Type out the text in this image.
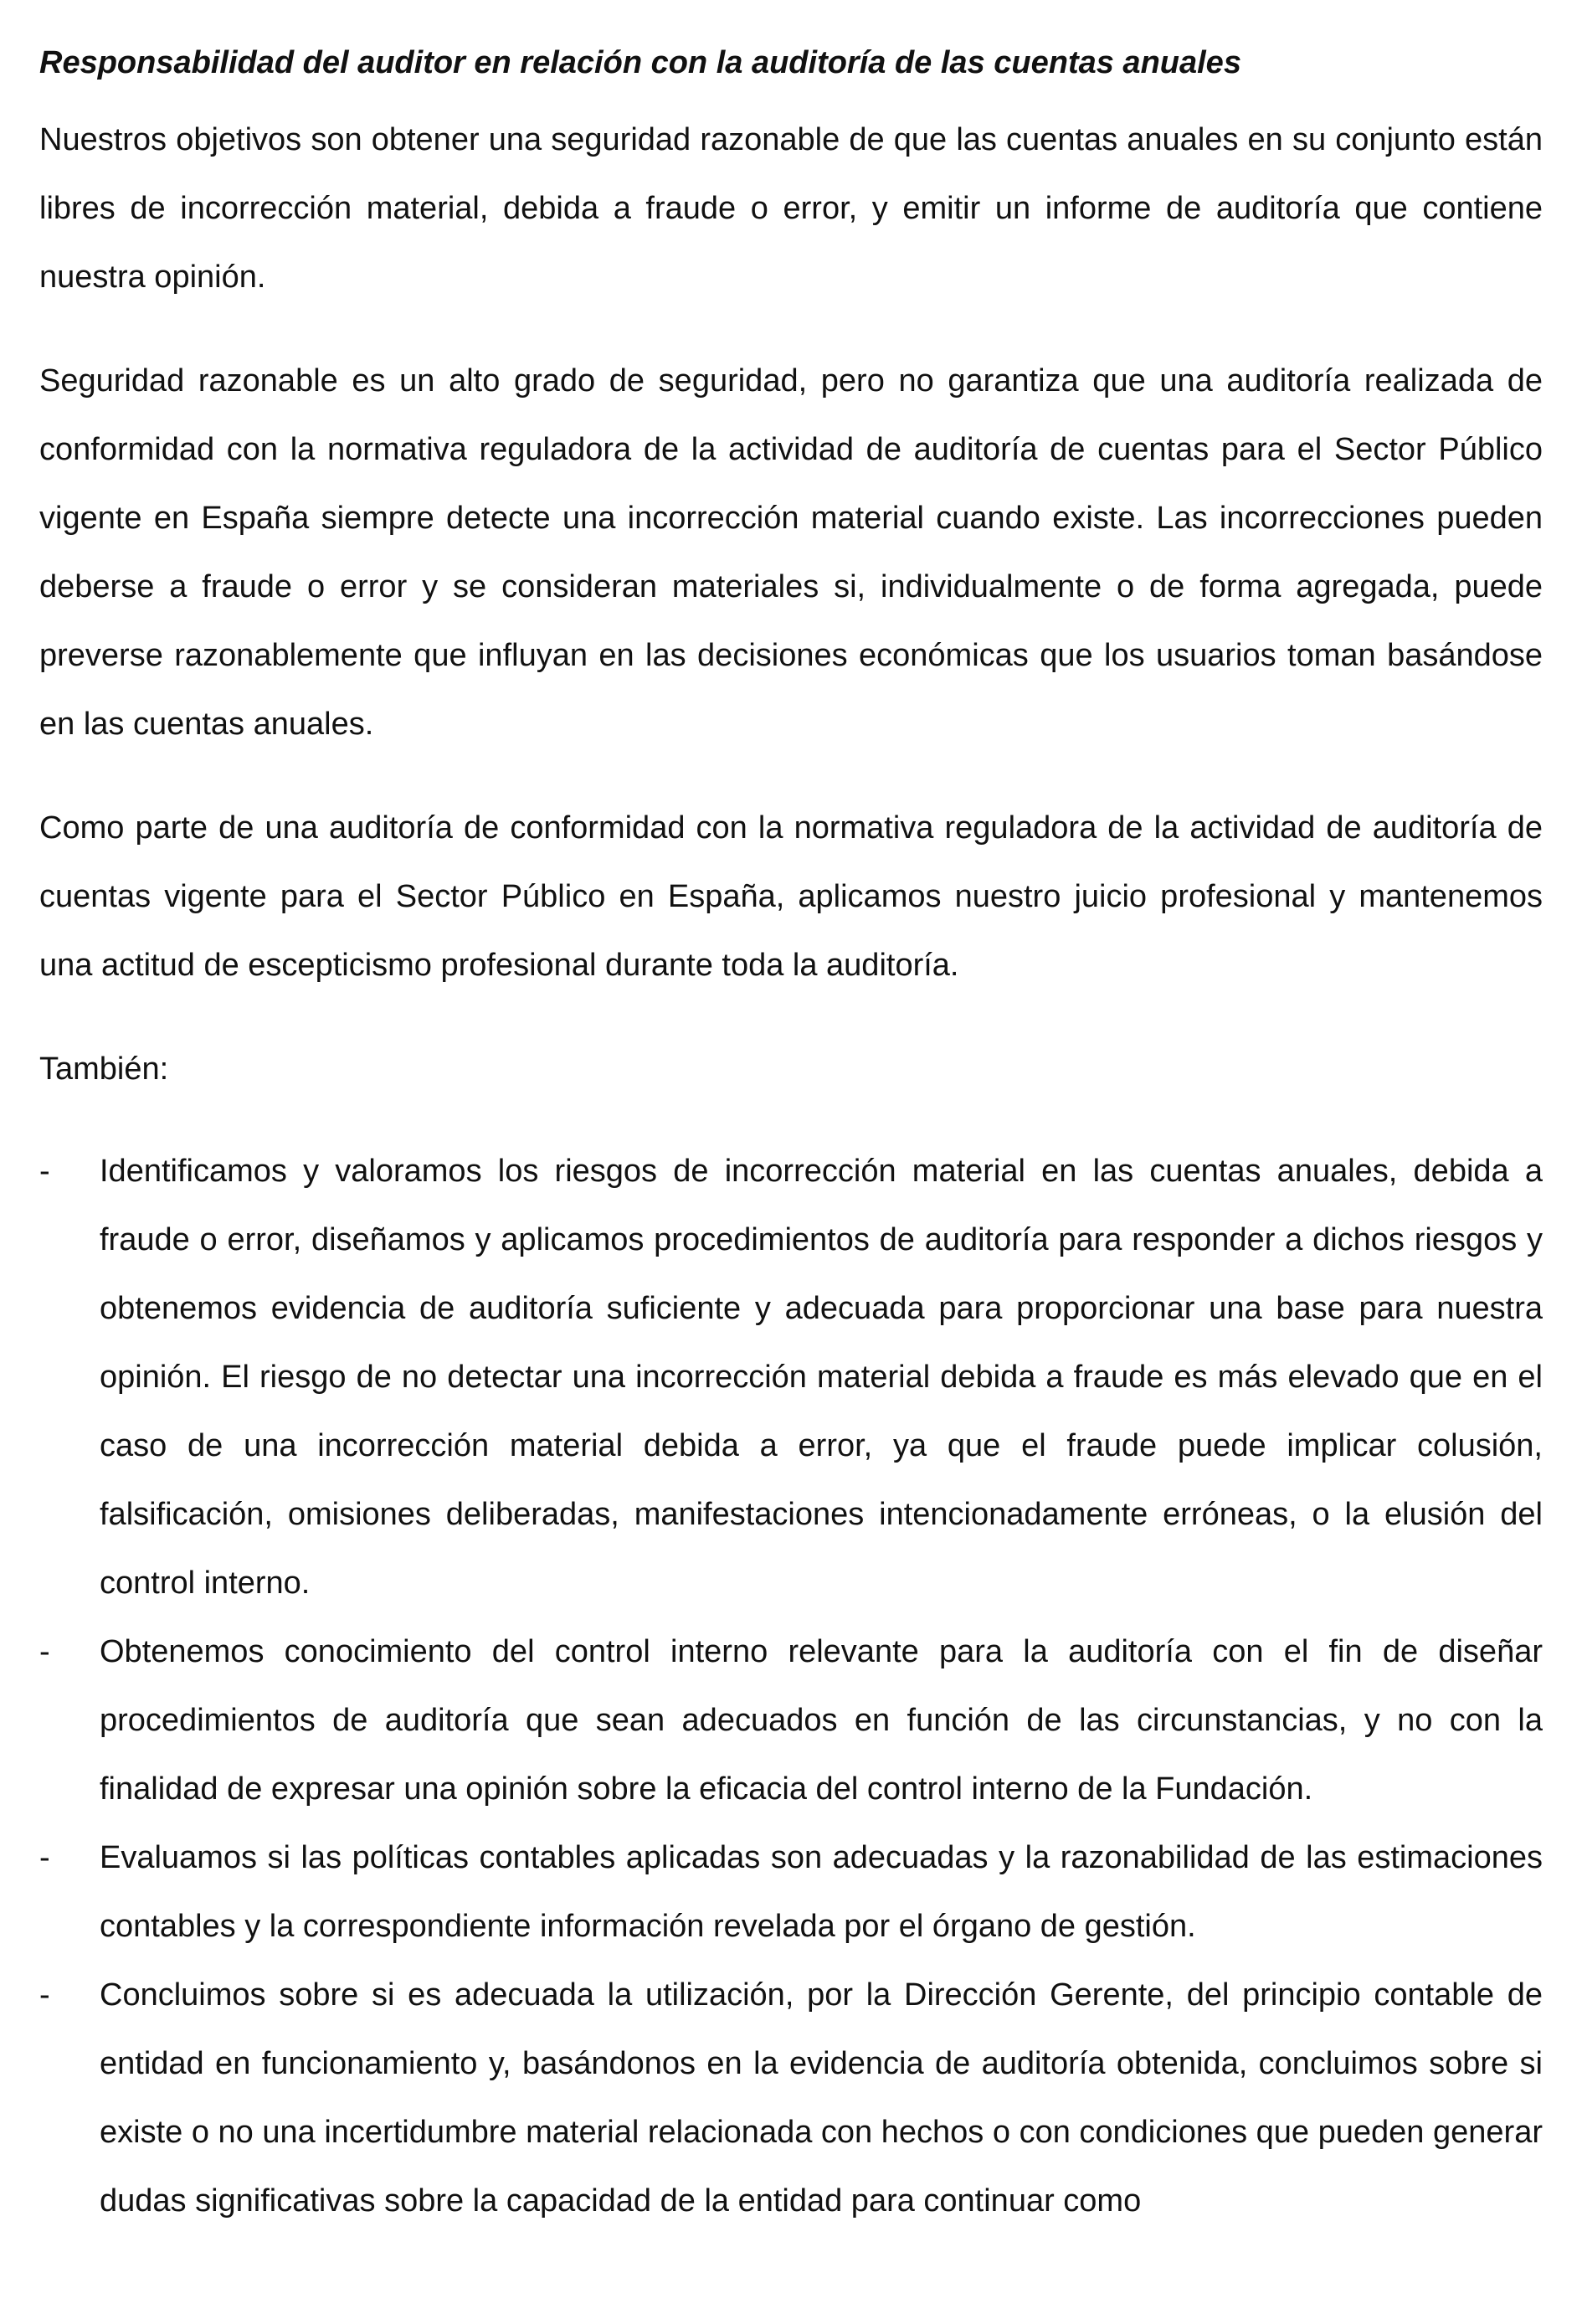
Responsabilidad del auditor en relación con la auditoría de las cuentas anuales

Nuestros objetivos son obtener una seguridad razonable de que las cuentas anuales en su conjunto están libres de incorrección material, debida a fraude o error, y emitir un informe de auditoría que contiene nuestra opinión.

Seguridad razonable es un alto grado de seguridad, pero no garantiza que una auditoría realizada de conformidad con la normativa reguladora de la actividad de auditoría de cuentas para el Sector Público vigente en España siempre detecte una incorrección material cuando existe. Las incorrecciones pueden deberse a fraude o error y se consideran materiales si, individualmente o de forma agregada, puede preverse razonablemente que influyan en las decisiones económicas que los usuarios toman basándose en las cuentas anuales.

Como parte de una auditoría de conformidad con la normativa reguladora de la actividad de auditoría de cuentas vigente para el Sector Público en España, aplicamos nuestro juicio profesional y mantenemos una actitud de escepticismo profesional durante toda la auditoría.

También:

-	Identificamos y valoramos los riesgos de incorrección material en las cuentas anuales, debida a fraude o error, diseñamos y aplicamos procedimientos de auditoría para responder a dichos riesgos y obtenemos evidencia de auditoría suficiente y adecuada para proporcionar una base para nuestra opinión. El riesgo de no detectar una incorrección material debida a fraude es más elevado que en el caso de una incorrección material debida a error, ya que el fraude puede implicar colusión, falsificación, omisiones deliberadas, manifestaciones intencionadamente erróneas, o la elusión del control interno.
-	Obtenemos conocimiento del control interno relevante para la auditoría con el fin de diseñar procedimientos de auditoría que sean adecuados en función de las circunstancias, y no con la finalidad de expresar una opinión sobre la eficacia del control interno de la Fundación.
-	Evaluamos si las políticas contables aplicadas son adecuadas y la razonabilidad de las estimaciones contables y la correspondiente información revelada por el órgano de gestión.
-	Concluimos sobre si es adecuada la utilización, por la Dirección Gerente, del principio contable de entidad en funcionamiento y, basándonos en la evidencia de auditoría obtenida, concluimos sobre si existe o no una incertidumbre material relacionada con hechos o con condiciones que pueden generar dudas significativas sobre la capacidad de la entidad para continuar como
